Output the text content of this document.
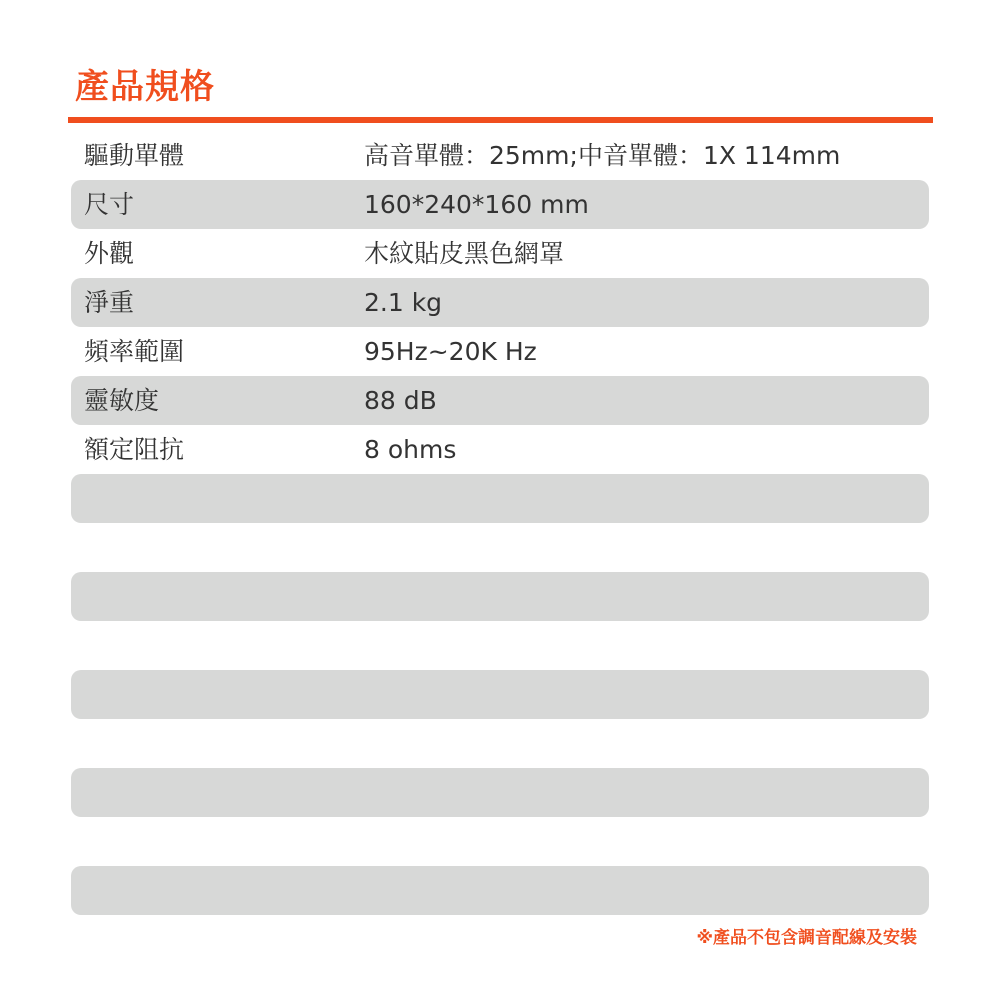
產品規格
驅動單體	高音單體：25mm;中音單體：1X 114mm
尺寸	160*240*160 mm
外觀	木紋貼皮黑色網罩
淨重	2.1 kg
頻率範圍	95Hz~20K Hz
靈敏度	88 dB
額定阻抗	8 ohms
※產品不包含調音配線及安裝
